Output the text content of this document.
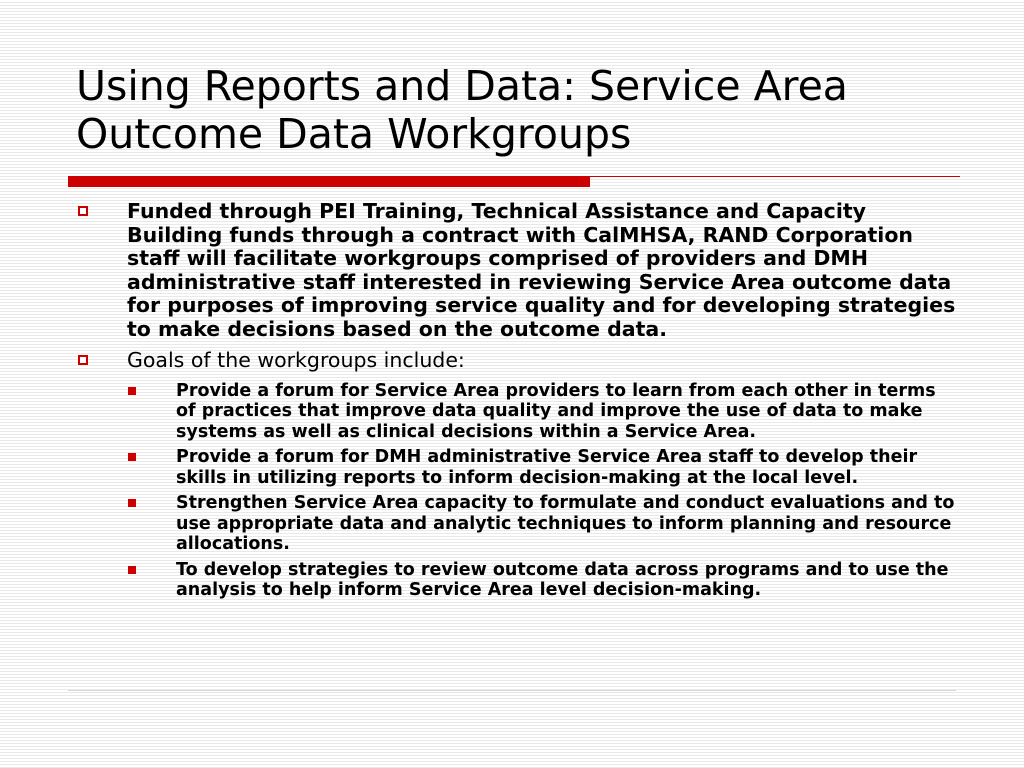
Using Reports and Data: Service Area Outcome Data Workgroups
Funded through PEI Training, Technical Assistance and Capacity Building funds through a contract with CalMHSA, RAND Corporation staff will facilitate workgroups comprised of providers and DMH administrative staff interested in reviewing Service Area outcome data for purposes of improving service quality and for developing strategies to make decisions based on the outcome data.
Goals of the workgroups include:
Provide a forum for Service Area providers to learn from each other in terms of practices that improve data quality and improve the use of data to make systems as well as clinical decisions within a Service Area.
Provide a forum for DMH administrative Service Area staff to develop their skills in utilizing reports to inform decision-making at the local level.
Strengthen Service Area capacity to formulate and conduct evaluations and to use appropriate data and analytic techniques to inform planning and resource allocations.
To develop strategies to review outcome data across programs and to use the analysis to help inform Service Area level decision-making.
